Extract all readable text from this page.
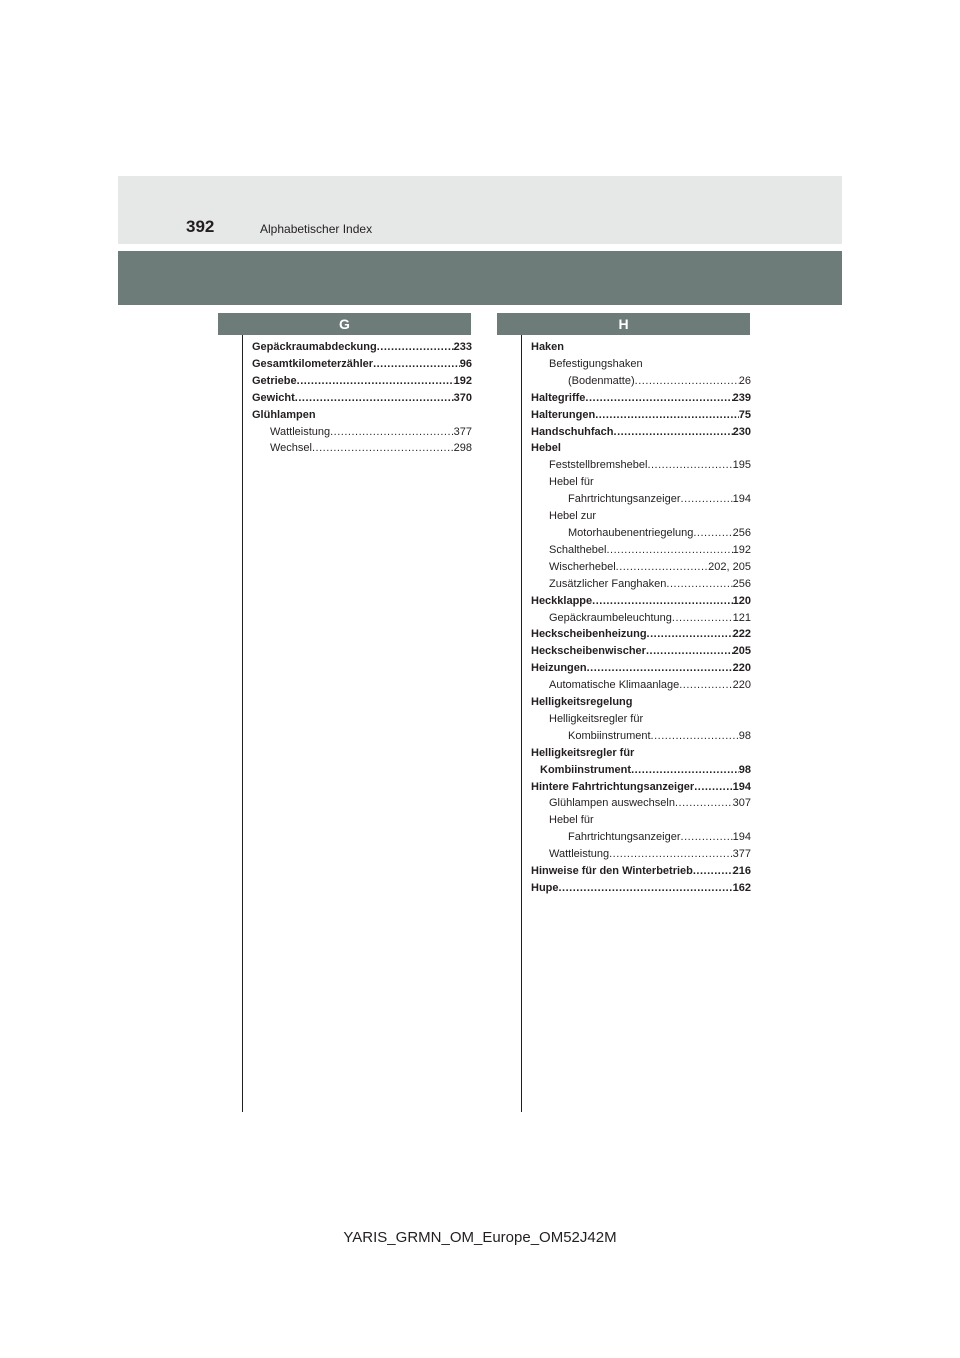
392	Alphabetischer Index
G	H
Gepäckraumabdeckung .....	233
Gesamtkilometerzähler .....	96
Getriebe .....	192
Gewicht .....	370
Glühlampen
Wattleistung .....	377
Wechsel .....	298
Haken
Befestigungshaken
(Bodenmatte) .....	26
Haltegriffe .....	239
Halterungen .....	75
Handschuhfach .....	230
Hebel
Feststellbremshebel .....	195
Hebel für
Fahrtrichtungsanzeiger .....	194
Hebel zur
Motorhaubenentriegelung .....	256
Schalthebel .....	192
Wischerhebel .....	202, 205
Zusätzlicher Fanghaken .....	256
Heckklappe .....	120
Gepäckraumbeleuchtung .....	121
Heckscheibenheizung .....	222
Heckscheibenwischer .....	205
Heizungen .....	220
Automatische Klimaanlage .....	220
Helligkeitsregelung
Helligkeitsregler für
Kombiinstrument .....	98
Helligkeitsregler für
Kombiinstrument .....	98
Hintere Fahrtrichtungsanzeiger .....	194
Glühlampen auswechseln .....	307
Hebel für
Fahrtrichtungsanzeiger .....	194
Wattleistung .....	377
Hinweise für den Winterbetrieb .....	216
Hupe .....	162
YARIS_GRMN_OM_Europe_OM52J42M
